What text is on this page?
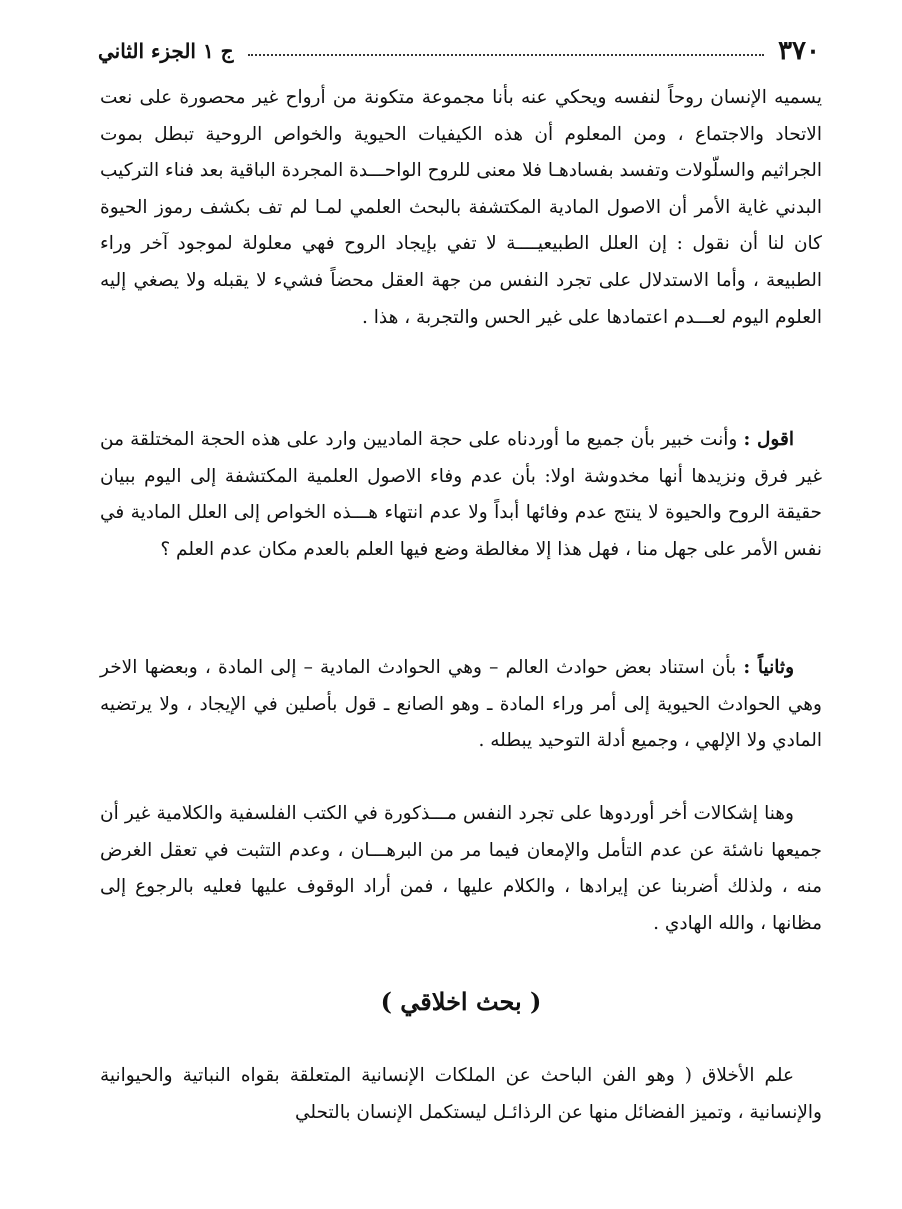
٣٧٠
ج ١ الجزء الثاني

يسميه الإنسان روحاً لنفسه ويحكي عنه بأنا مجموعة متكونة من أرواح غير محصورة على نعت الاتحاد والاجتماع ، ومن المعلوم أن هذه الكيفيات الحيوية والخواص الروحية تبطل بموت الجراثيم والسلّولات وتفسد بفسادهـا فلا معنى للروح الواحـــدة المجردة الباقية بعد فناء التركيب البدني غاية الأمر أن الاصول المادية المكتشفة بالبحث العلمي لمـا لم تف بكشف رموز الحيوة كان لنا أن نقول : إن العلل الطبيعيــــة لا تفي بإيجاد الروح فهي معلولة لموجود آخر وراء الطبيعة ، وأما الاستدلال على تجرد النفس من جهة العقل محضاً فشيء لا يقبله ولا يصغي إليه العلوم اليوم لعـــدم اعتمادها على غير الحس والتجربة ، هذا .

اقول : وأنت خبير بأن جميع ما أوردناه على حجة الماديين وارد على هذه الحجة المختلقة من غير فرق ونزيدها أنها مخدوشة اولا: بأن عدم وفاء الاصول العلمية المكتشفة إلى اليوم ببيان حقيقة الروح والحيوة لا ينتج عدم وفائها أبداً ولا عدم انتهاء هـــذه الخواص إلى العلل المادية في نفس الأمر على جهل منا ، فهل هذا إلا مغالطة وضع فيها العلم بالعدم مكان عدم العلم ؟

وثانياً : بأن استناد بعض حوادث العالم – وهي الحوادث المادية – إلى المادة ، وبعضها الاخر وهي الحوادث الحيوية إلى أمر وراء المادة ـ وهو الصانع ـ قول بأصلين في الإيجاد ، ولا يرتضيه المادي ولا الإلهي ، وجميع أدلة التوحيد يبطله .

وهنا إشكالات أخر أوردوها على تجرد النفس مـــذكورة في الكتب الفلسفية والكلامية غير أن جميعها ناشئة عن عدم التأمل والإمعان فيما مر من البرهـــان ، وعدم التثبت في تعقل الغرض منه ، ولذلك أضربنا عن إيرادها ، والكلام عليها ، فمن أراد الوقوف عليها فعليه بالرجوع إلى مظانها ، والله الهادي .

( بحث اخلاقي )

علم الأخلاق ( وهو الفن الباحث عن الملكات الإنسانية المتعلقة بقواه النباتية والحيوانية والإنسانية ، وتميز الفضائل منها عن الرذائـل ليستكمل الإنسان بالتحلي
